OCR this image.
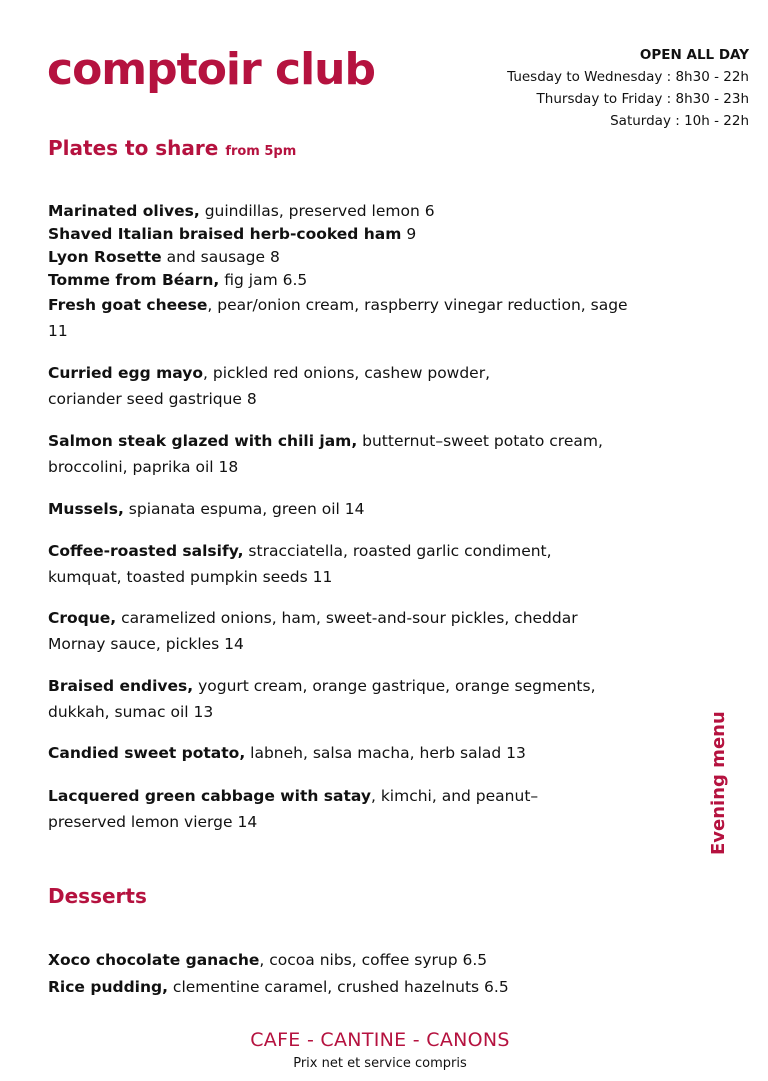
comptoir club	OPEN ALL DAY
Tuesday to Wednesday : 8h30 - 22h
Thursday to Friday : 8h30 - 23h
Saturday : 10h - 22h
Plates to share from 5pm

Marinated olives, guindillas, preserved lemon 6

Shaved Italian braised herb-cooked ham 9

Lyon Rosette and sausage 8

Tomme from Béarn, fig jam 6.5

Fresh goat cheese, pear/onion cream, raspberry vinegar reduction, sage 11

Curried egg mayo, pickled red onions, cashew powder, coriander seed gastrique 8

Salmon steak glazed with chili jam, butternut–sweet potato cream, broccolini, paprika oil 18

Mussels, spianata espuma, green oil 14

Coffee-roasted salsify, stracciatella, roasted garlic condiment, kumquat, toasted pumpkin seeds 11

Croque, caramelized onions, ham, sweet-and-sour pickles, cheddar Mornay sauce, pickles 14

Braised endives, yogurt cream, orange gastrique, orange segments, dukkah, sumac oil 13

Candied sweet potato, labneh, salsa macha, herb salad 13

Lacquered green cabbage with satay, kimchi, and peanut–preserved lemon vierge 14	Evening menu
Desserts

Xoco chocolate ganache, cocoa nibs, coffee syrup 6.5

Rice pudding, clementine caramel, crushed hazelnuts 6.5

CAFE - CANTINE - CANONS
Prix net et service compris
